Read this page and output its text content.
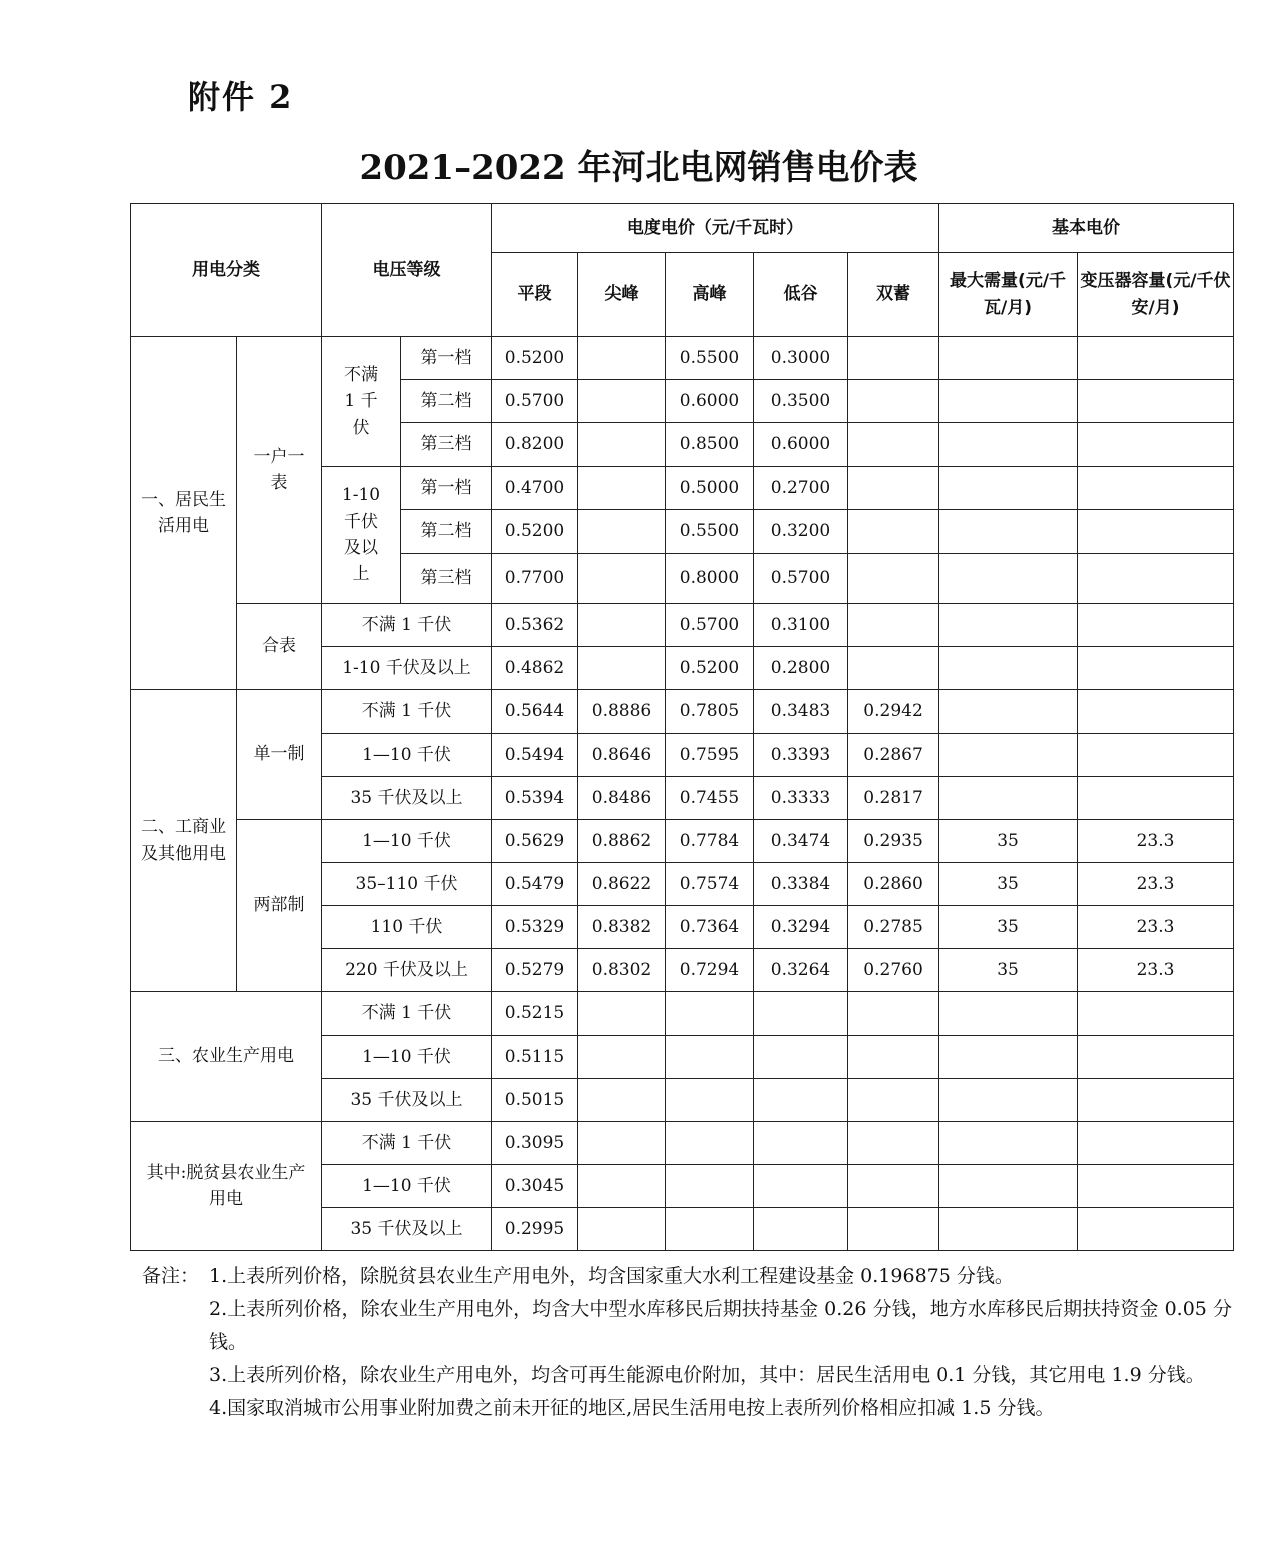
附件 2
2021–2022 年河北电网销售电价表
用电分类		电压等级		电度电价（元/千瓦时）					基本电价	
				平段	尖峰	高峰	低谷	双蓄	最大需量(元/千瓦/月)	变压器容量(元/千伏安/月)
一、居民生活用电	一户一表	不满 1 千伏	第一档	0.5200		0.5500	0.3000			
			第二档	0.5700		0.6000	0.3500			
			第三档	0.8200		0.8500	0.6000			
		1-10 千伏及以上	第一档	0.4700		0.5000	0.2700			
			第二档	0.5200		0.5500	0.3200			
			第三档	0.7700		0.8000	0.5700			
	合表	不满 1 千伏		0.5362		0.5700	0.3100			
		1-10 千伏及以上		0.4862		0.5200	0.2800			
二、工商业及其他用电	单一制	不满 1 千伏		0.5644	0.8886	0.7805	0.3483	0.2942		
		1—10 千伏		0.5494	0.8646	0.7595	0.3393	0.2867		
		35 千伏及以上		0.5394	0.8486	0.7455	0.3333	0.2817		
	两部制	1—10 千伏		0.5629	0.8862	0.7784	0.3474	0.2935	35	23.3
		35–110 千伏		0.5479	0.8622	0.7574	0.3384	0.2860	35	23.3
		110 千伏		0.5329	0.8382	0.7364	0.3294	0.2785	35	23.3
		220 千伏及以上		0.5279	0.8302	0.7294	0.3264	0.2760	35	23.3
三、农业生产用电		不满 1 千伏		0.5215						
		1—10 千伏		0.5115						
		35 千伏及以上		0.5015						
其中:脱贫县农业生产用电		不满 1 千伏		0.3095						
		1—10 千伏		0.3045						
		35 千伏及以上		0.2995						
备注： 1.上表所列价格，除脱贫县农业生产用电外，均含国家重大水利工程建设基金 0.196875 分钱。
2.上表所列价格，除农业生产用电外，均含大中型水库移民后期扶持基金 0.26 分钱，地方水库移民后期扶持资金 0.05 分钱。
3.上表所列价格，除农业生产用电外，均含可再生能源电价附加，其中：居民生活用电 0.1 分钱，其它用电 1.9 分钱。
4.国家取消城市公用事业附加费之前未开征的地区,居民生活用电按上表所列价格相应扣减 1.5 分钱。
